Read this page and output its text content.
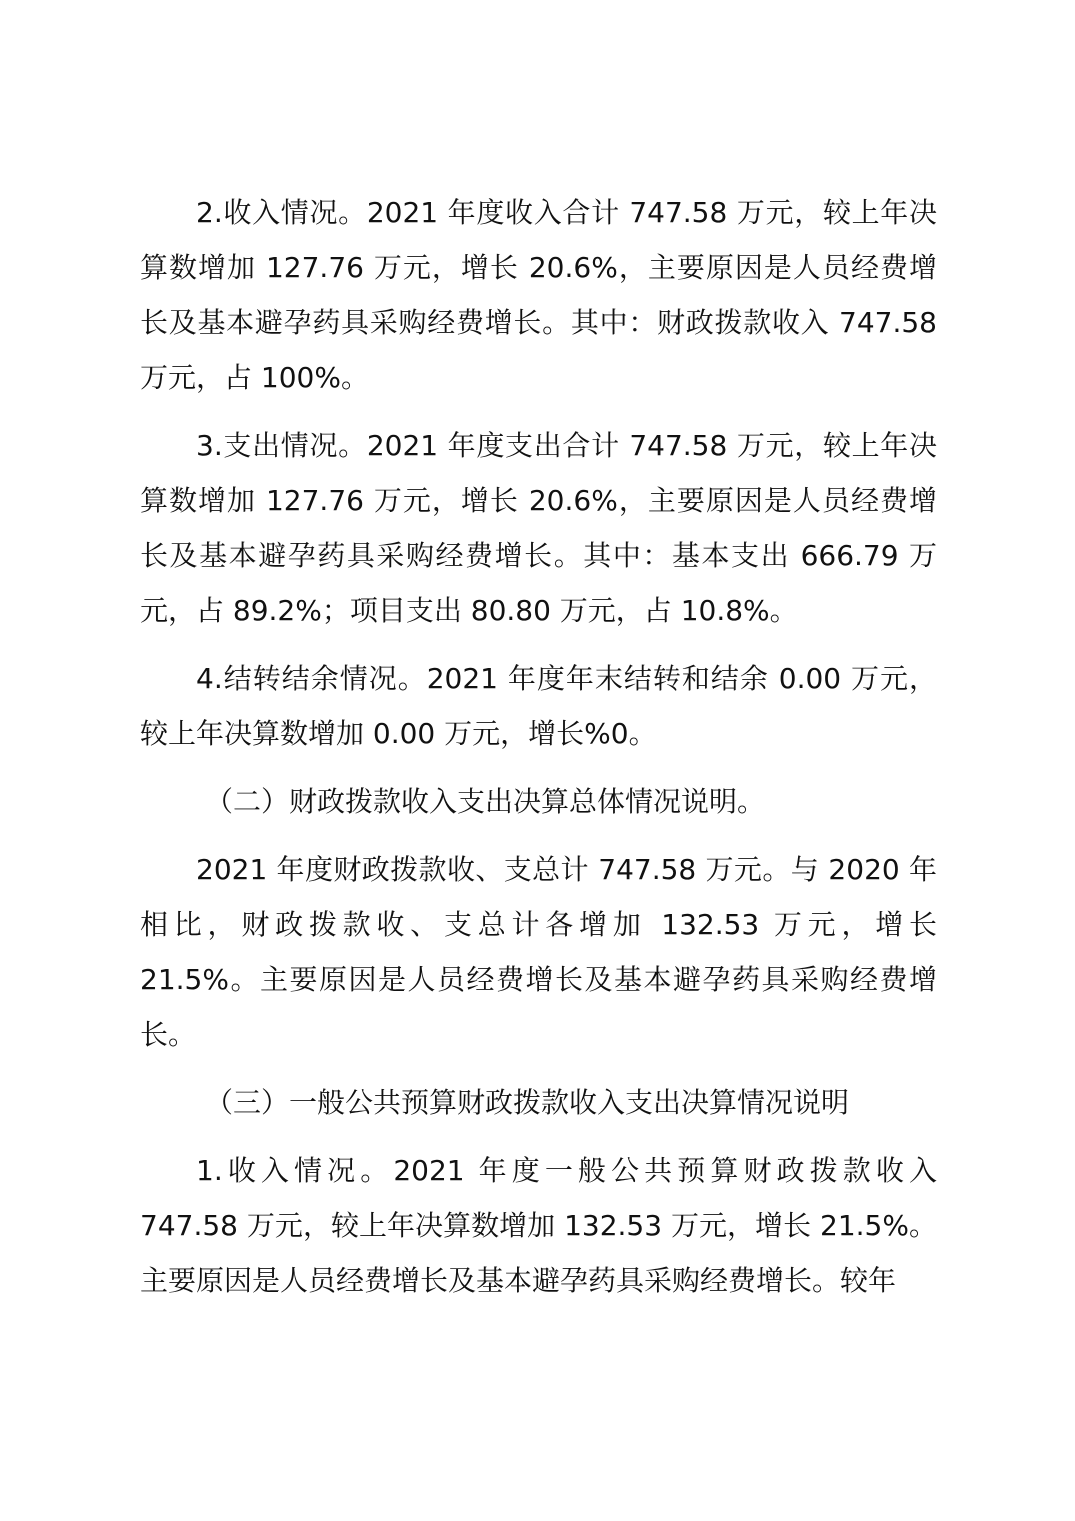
2.收入情况。2021 年度收入合计 747.58 万元，较上年决算数增加 127.76 万元，增长 20.6%，主要原因是人员经费增长及基本避孕药具采购经费增长。其中：财政拨款收入 747.58 万元，占 100%。

3.支出情况。2021 年度支出合计 747.58 万元，较上年决算数增加 127.76 万元，增长 20.6%，主要原因是人员经费增长及基本避孕药具采购经费增长。其中：基本支出 666.79 万元，占 89.2%；项目支出 80.80 万元，占 10.8%。

4.结转结余情况。2021 年度年末结转和结余 0.00 万元，较上年决算数增加 0.00 万元，增长%0。

（二）财政拨款收入支出决算总体情况说明。

2021 年度财政拨款收、支总计 747.58 万元。与 2020 年相比，财政拨款收、支总计各增加 132.53 万元，增长 21.5%。主要原因是人员经费增长及基本避孕药具采购经费增长。

（三）一般公共预算财政拨款收入支出决算情况说明

1.收入情况。2021 年度一般公共预算财政拨款收入 747.58 万元，较上年决算数增加 132.53 万元，增长 21.5%。主要原因是人员经费增长及基本避孕药具采购经费增长。较年
